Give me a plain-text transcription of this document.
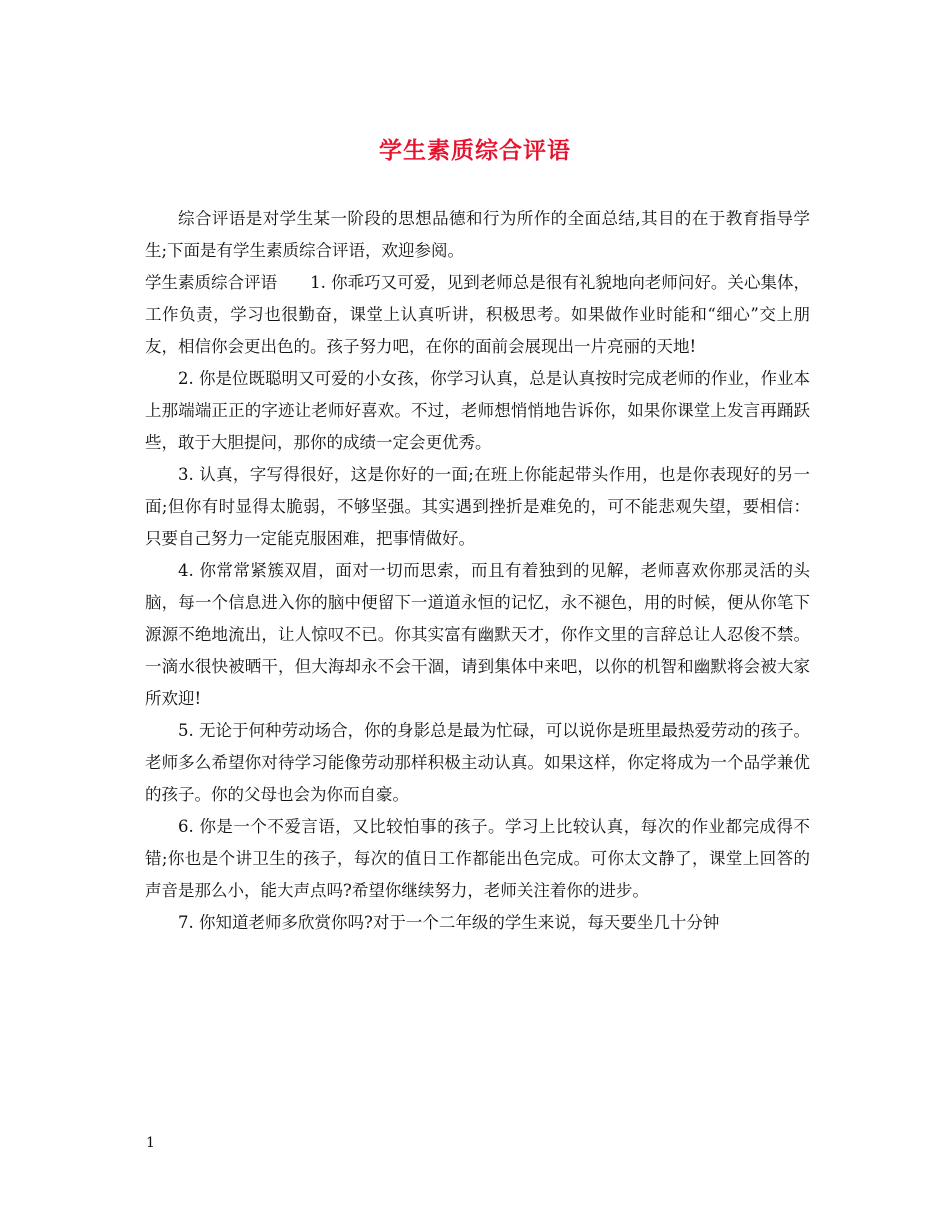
学生素质综合评语

综合评语是对学生某一阶段的思想品德和行为所作的全面总结,其目的在于教育指导学生;下面是有学生素质综合评语，欢迎参阅。

学生素质综合评语　　1. 你乖巧又可爱，见到老师总是很有礼貌地向老师问好。关心集体，工作负责，学习也很勤奋，课堂上认真听讲，积极思考。如果做作业时能和“细心”交上朋友，相信你会更出色的。孩子努力吧，在你的面前会展现出一片亮丽的天地!

2. 你是位既聪明又可爱的小女孩，你学习认真，总是认真按时完成老师的作业，作业本上那端端正正的字迹让老师好喜欢。不过，老师想悄悄地告诉你，如果你课堂上发言再踊跃些，敢于大胆提问，那你的成绩一定会更优秀。

3. 认真，字写得很好，这是你好的一面;在班上你能起带头作用，也是你表现好的另一面;但你有时显得太脆弱，不够坚强。其实遇到挫折是难免的，可不能悲观失望，要相信：只要自己努力一定能克服困难，把事情做好。

4. 你常常紧簇双眉，面对一切而思索，而且有着独到的见解，老师喜欢你那灵活的头脑，每一个信息进入你的脑中便留下一道道永恒的记忆，永不褪色，用的时候，便从你笔下源源不绝地流出，让人惊叹不已。你其实富有幽默天才，你作文里的言辞总让人忍俊不禁。一滴水很快被晒干，但大海却永不会干涸，请到集体中来吧，以你的机智和幽默将会被大家所欢迎!

5. 无论于何种劳动场合，你的身影总是最为忙碌，可以说你是班里最热爱劳动的孩子。 老师多么希望你对待学习能像劳动那样积极主动认真。如果这样，你定将成为一个品学兼优的孩子。你的父母也会为你而自豪。

6. 你是一个不爱言语，又比较怕事的孩子。学习上比较认真，每次的作业都完成得不错;你也是个讲卫生的孩子，每次的值日工作都能出色完成。可你太文静了，课堂上回答的声音是那么小，能大声点吗?希望你继续努力，老师关注着你的进步。

7. 你知道老师多欣赏你吗?对于一个二年级的学生来说，每天要坐几十分钟

1
